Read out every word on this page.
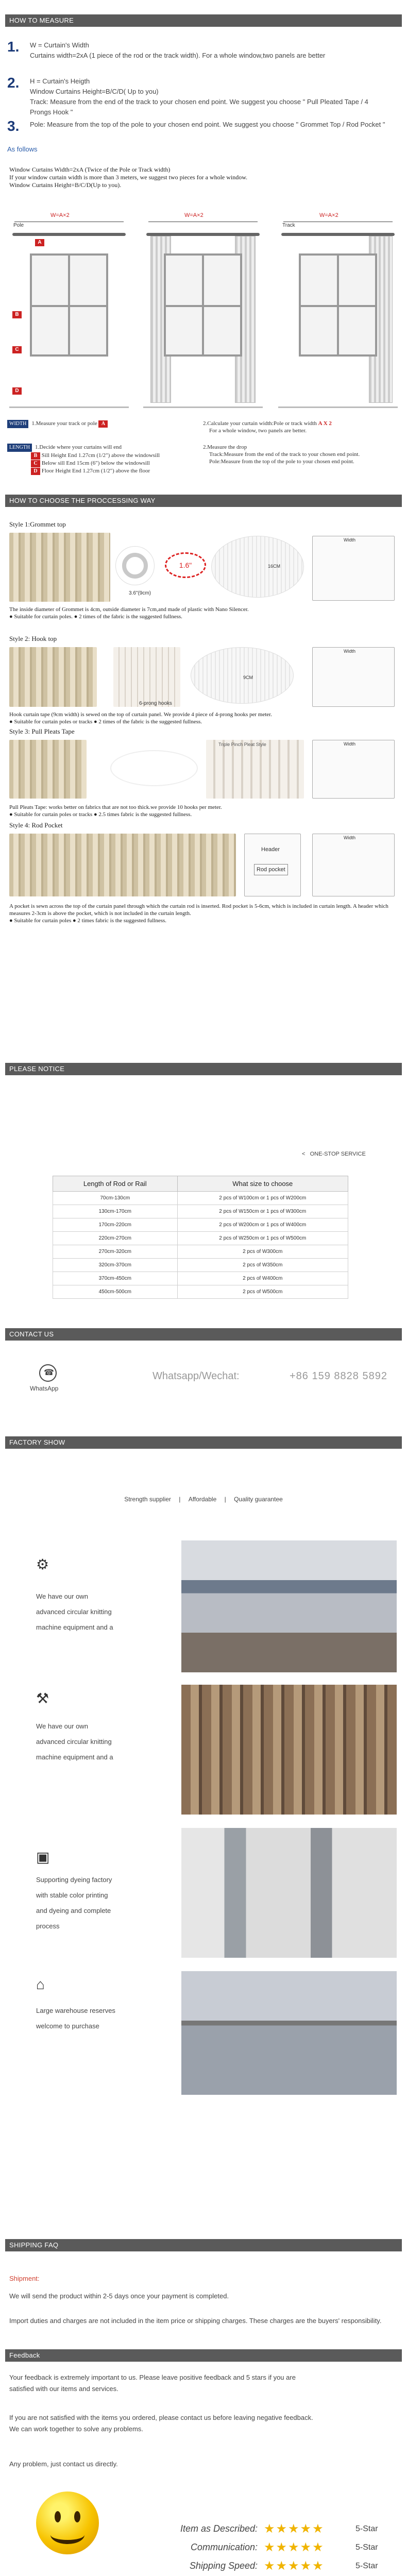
HOW TO MEASURE
1.	W = Curtain's Width

Curtains width=2xA (1 piece of the rod or the track width). For a whole window,two panels are better

2.	H = Curtain's Heigth

Window Curtains Height=B/C/D( Up to you)

Track: Measure from the end of the track to your chosen end point. We suggest you choose " Pull Pleated Tape / 4 Prongs Hook "

3.	Pole: Measure from the top of the pole to your chosen end point. We suggest you choose " Grommet Top / Rod Pocket "

As follows

Window Curtains Width=2xA (Twice of the Pole or Track width)

If your window curtain width is more than 3 meters, we suggest two pieces for a whole window.

Window Curtains Height=B/C/D(Up to you).

W=A×2
Pole
A
B
C
D
W=A×2	W=A×2
Track
WIDTH 1.Measure your track or pole A	2.Calculate your curtain width:Pole or track width A X 2
For a whole window, two panels are better.
LENGTH 1.Decide where your curtains will end

B Sill Height End 1.27cm (1/2") above the windowsill

C Below sill End 15cm (6") below the windowsill

D Floor Height End 1.27cm (1/2") above the floor

2.Measure the drop

Track:Measure from the end of the track to your chosen end point.

Pole:Measure from the top of the pole to your chosen end point.

HOW TO CHOOSE THE PROCCESSING WAY
Style 1:Grommet top
3.6"(9cm)
1.6"	16CM
Width

The inside diameter of Grommet is 4cm, outside diameter is 7cm,and made of plastic with Nano Silencer.

● Suitable for curtain poles. ● 2 times of the fabric is the suggested fullness.

Style 2: Hook top
6-prong hooks
9CM
Width

Hook curtain tape (9cm width) is sewed on the top of curtain panel. We provide 4 piece of 4-prong hooks per meter.

● Suitable for curtain poles or tracks ● 2 times of the fabric is the suggested fullness.

Style 3: Pull Pleats Tape
Triple Pinch Pleat Style	Width

Pull Pleats Tape: works better on fabrics that are not too thick.we provide 10 hooks per meter.

● Suitable for curtain poles or tracks ● 2.5 times fabric is the suggested fullness.

Style 4: Rod Pocket
Header
Rod pocket
Width

A pocket is sewn across the top of the curtain panel through which the curtain rod is inserted. Rod pocket is 5-6cm, which is included in curtain length. A header which measures 2-3cm is above the pocket, which is not included in the curtain length.

● Suitable for curtain poles ● 2 times fabric is the suggested fullness.

PLEASE NOTICE
<   ONE-STOP SERVICE
Length of Rod or Rail	What size to choose
70cm-130cm	2 pcs of W100cm or 1 pcs of W200cm
130cm-170cm	2 pcs of W150cm or 1 pcs of W300cm
170cm-220cm	2 pcs of W200cm or 1 pcs of W400cm
220cm-270cm	2 pcs of W250cm or 1 pcs of W500cm
270cm-320cm	2 pcs of W300cm
320cm-370cm	2 pcs of W350cm
370cm-450cm	2 pcs of W400cm
450cm-500cm	2 pcs of W500cm
CONTACT US
☎
WhatsApp
Whatsapp/Wechat:	+86 159 8828 5892
FACTORY SHOW
Strength supplier | Affordable | Quality guarantee
⚙

We have our own

advanced circular knitting

machine equipment and a

⚒

We have our own

advanced circular knitting

machine equipment and a

▣

Supporting dyeing factory

with stable color printing

and dyeing and complete

process

⌂

Large warehouse reserves

welcome to purchase

SHIPPING FAQ
Shipment:
We will send the product within 2-5 days once your payment is completed.
Import duties and charges are not included in the item price or shipping charges. These charges are the buyers' responsibility.
Feedback
Your feedback is extremely important to us. Please leave positive feedback and 5 stars if you are satisfied with our items and services.
If you are not satisfied with the items you ordered, please contact us before leaving negative feedback. We can work together to solve any problems.
Any problem, just contact us directly.
Item as Described: ★★★★★	5-Star
Communication: ★★★★★	5-Star
Shipping Speed: ★★★★★	5-Star
